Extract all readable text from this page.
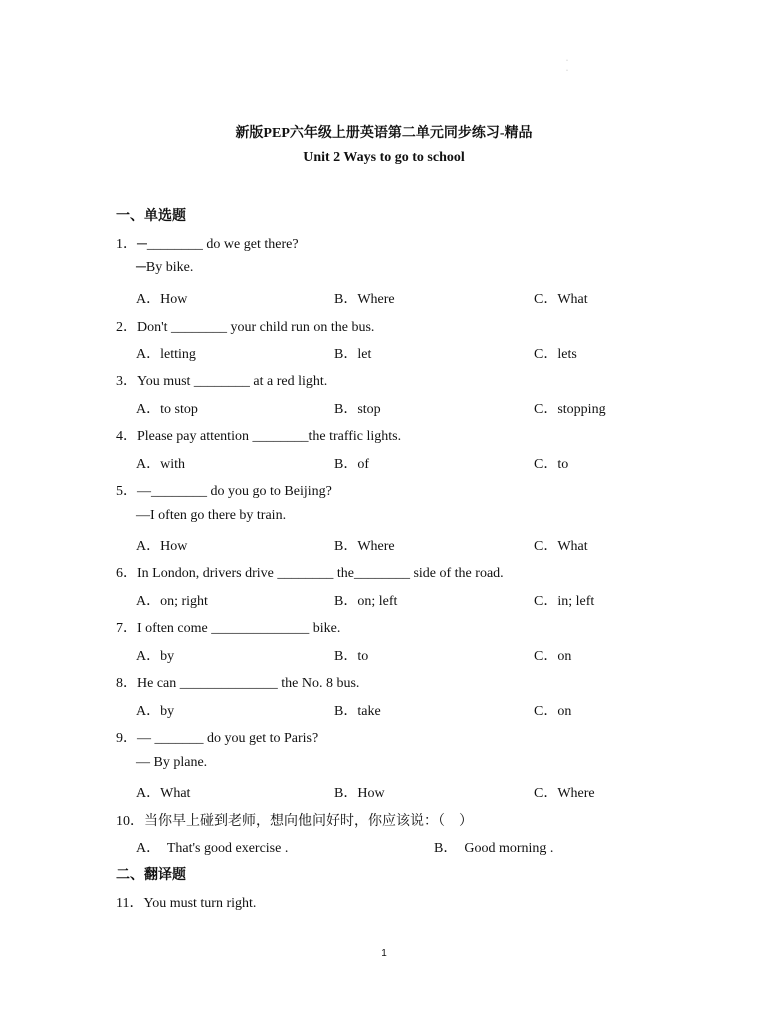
·
·
新版PEP六年级上册英语第二单元同步练习-精品
Unit 2 Ways to go to school
一、单选题
1．─________ do we get there?
─By bike.
A．How	B．Where	C．What
2．Don't ________ your child run on the bus.
A．letting	B．let	C．lets
3．You must ________ at a red light.
A．to stop	B．stop	C．stopping
4．Please pay attention ________the traffic lights.
A．with	B．of	C．to
5．—________ do you go to Beijing?
—I often go there by train.
A．How	B．Where	C．What
6．In London, drivers drive ________ the________ side of the road.
A．on; right	B．on; left	C．in; left
7．I often come ______________ bike.
A．by	B．to	C．on
8．He can ______________ the No. 8 bus.
A．by	B．take	C．on
9．— _______ do you get to Paris?
— By plane.
A．What	B．How	C．Where
10．当你早上碰到老师，想向他问好时，你应该说：（　）
A．  That's good exercise .	B．  Good morning .
二、翻译题
11．You must turn right.
1
